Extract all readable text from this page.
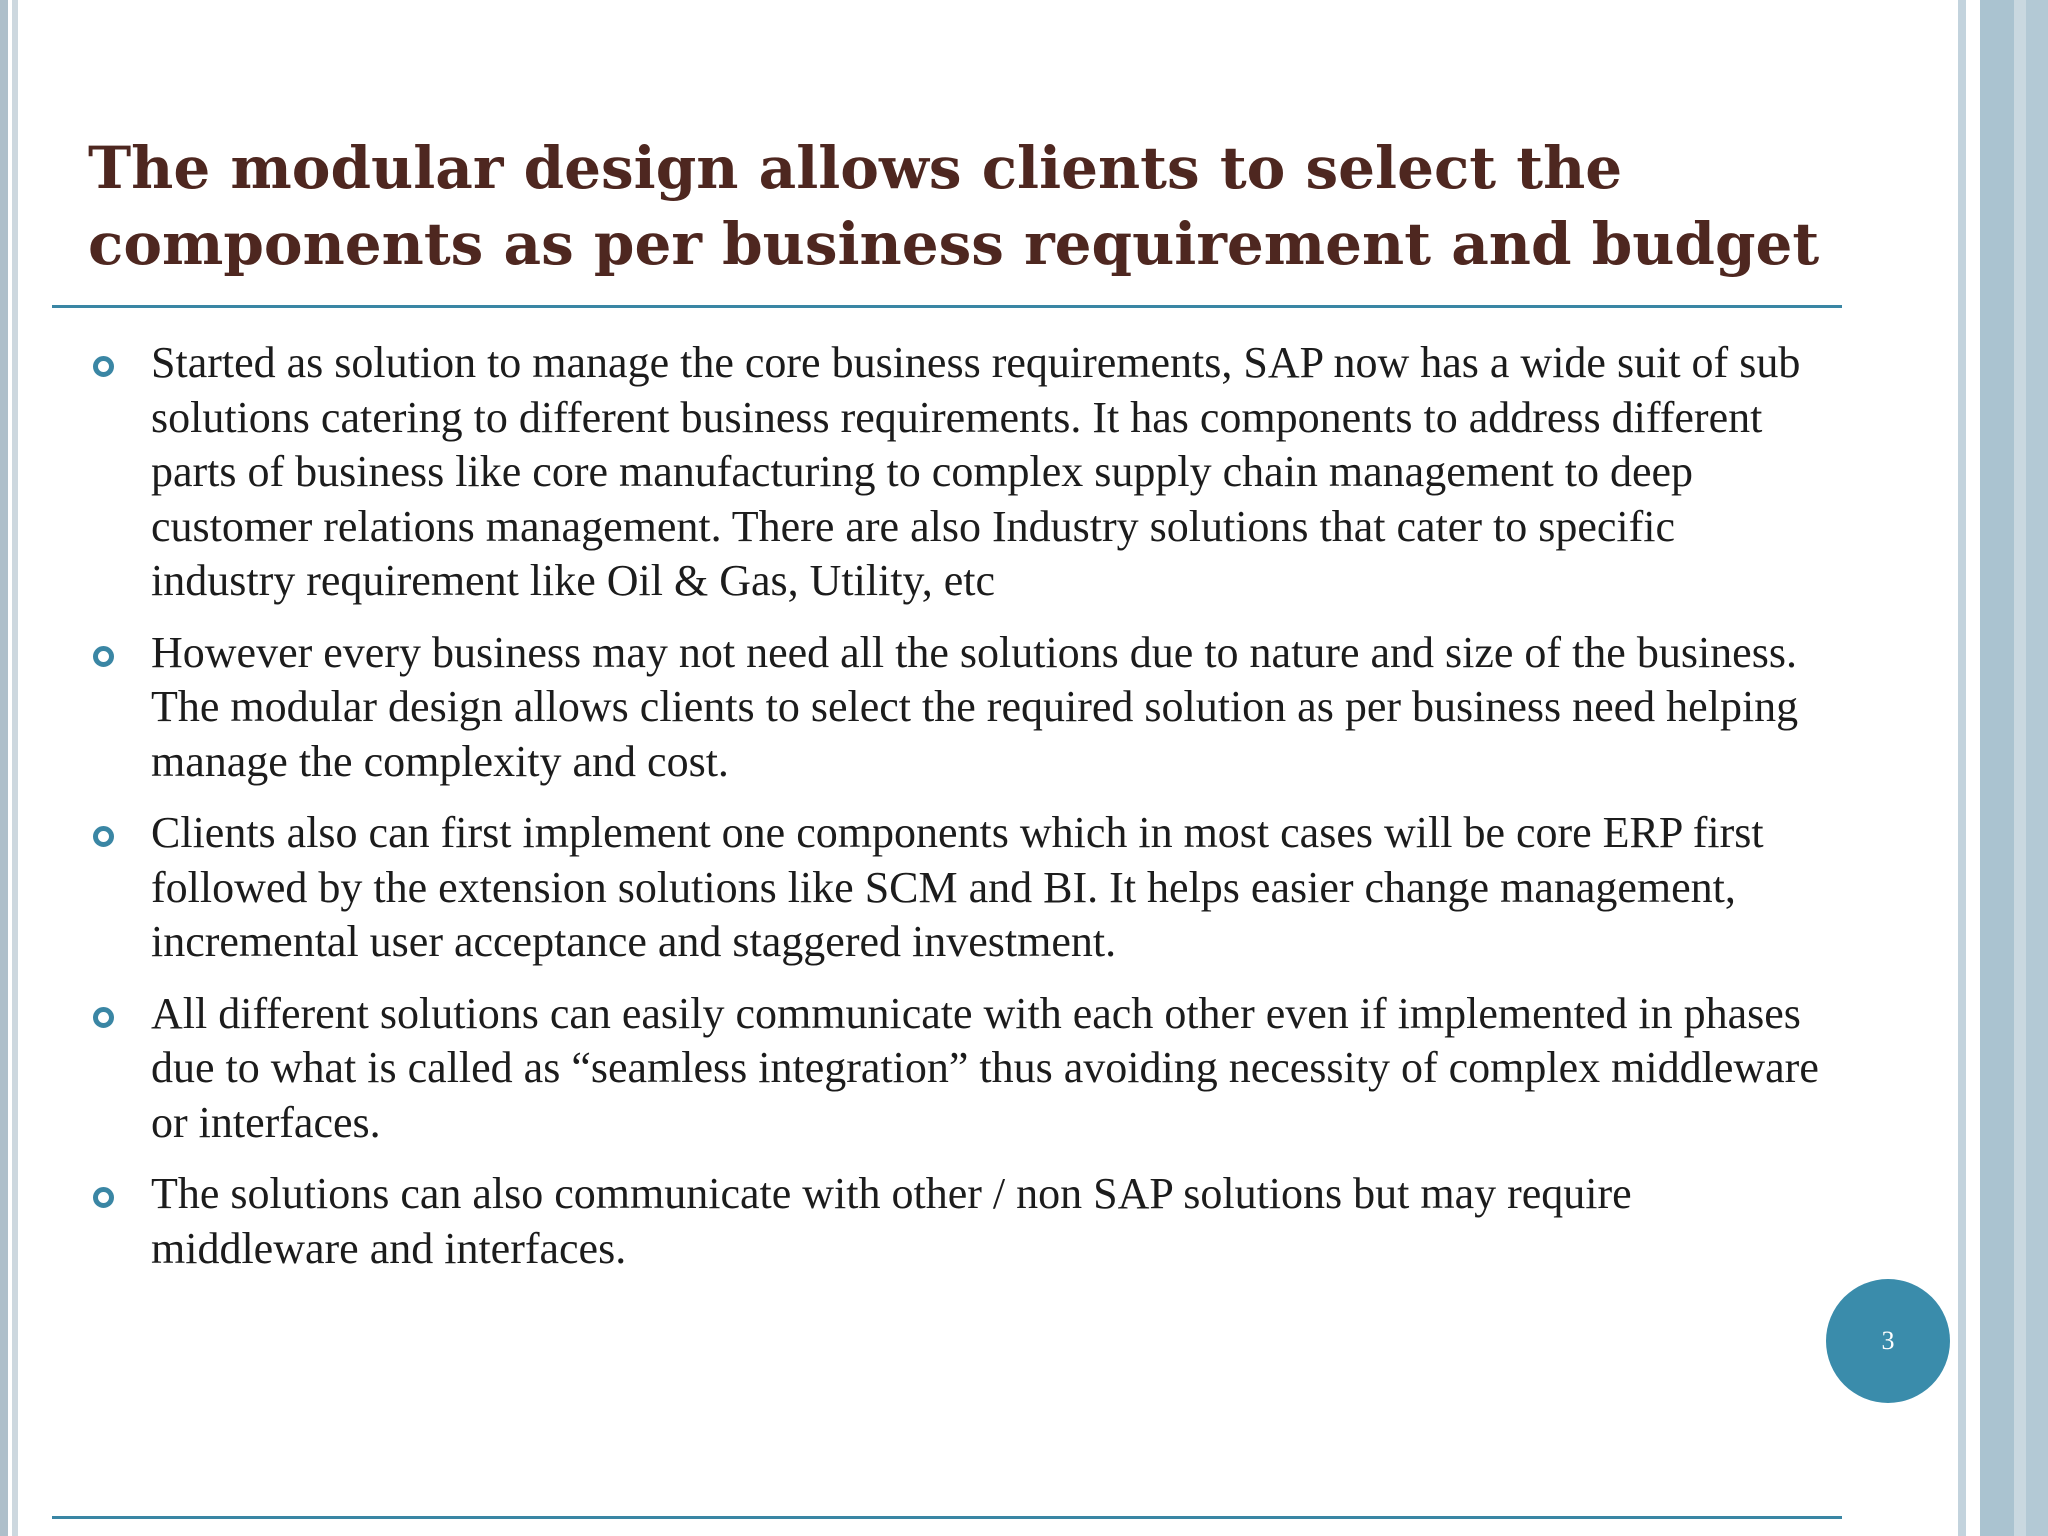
The modular design allows clients to select the components as per business requirement and budget
Started as solution to manage the core business requirements, SAP now has a wide suit of sub solutions catering to different business requirements. It has components to address different parts of business like core manufacturing to complex supply chain management to deep customer relations management. There are also Industry solutions that cater to specific industry requirement like Oil & Gas, Utility, etc
However every business may not need all the solutions due to nature and size of the business. The modular design allows clients to select the required solution as per business need helping manage the complexity and cost.
Clients also can first implement one components which in most cases will be core ERP first followed by the extension solutions like SCM and BI. It helps easier change management, incremental user acceptance and staggered investment.
All different solutions can easily communicate with each other even if implemented in phases due to what is called as “seamless integration” thus avoiding necessity of complex middleware or interfaces.
The solutions can also communicate with other / non SAP solutions but may require middleware and interfaces.
3
